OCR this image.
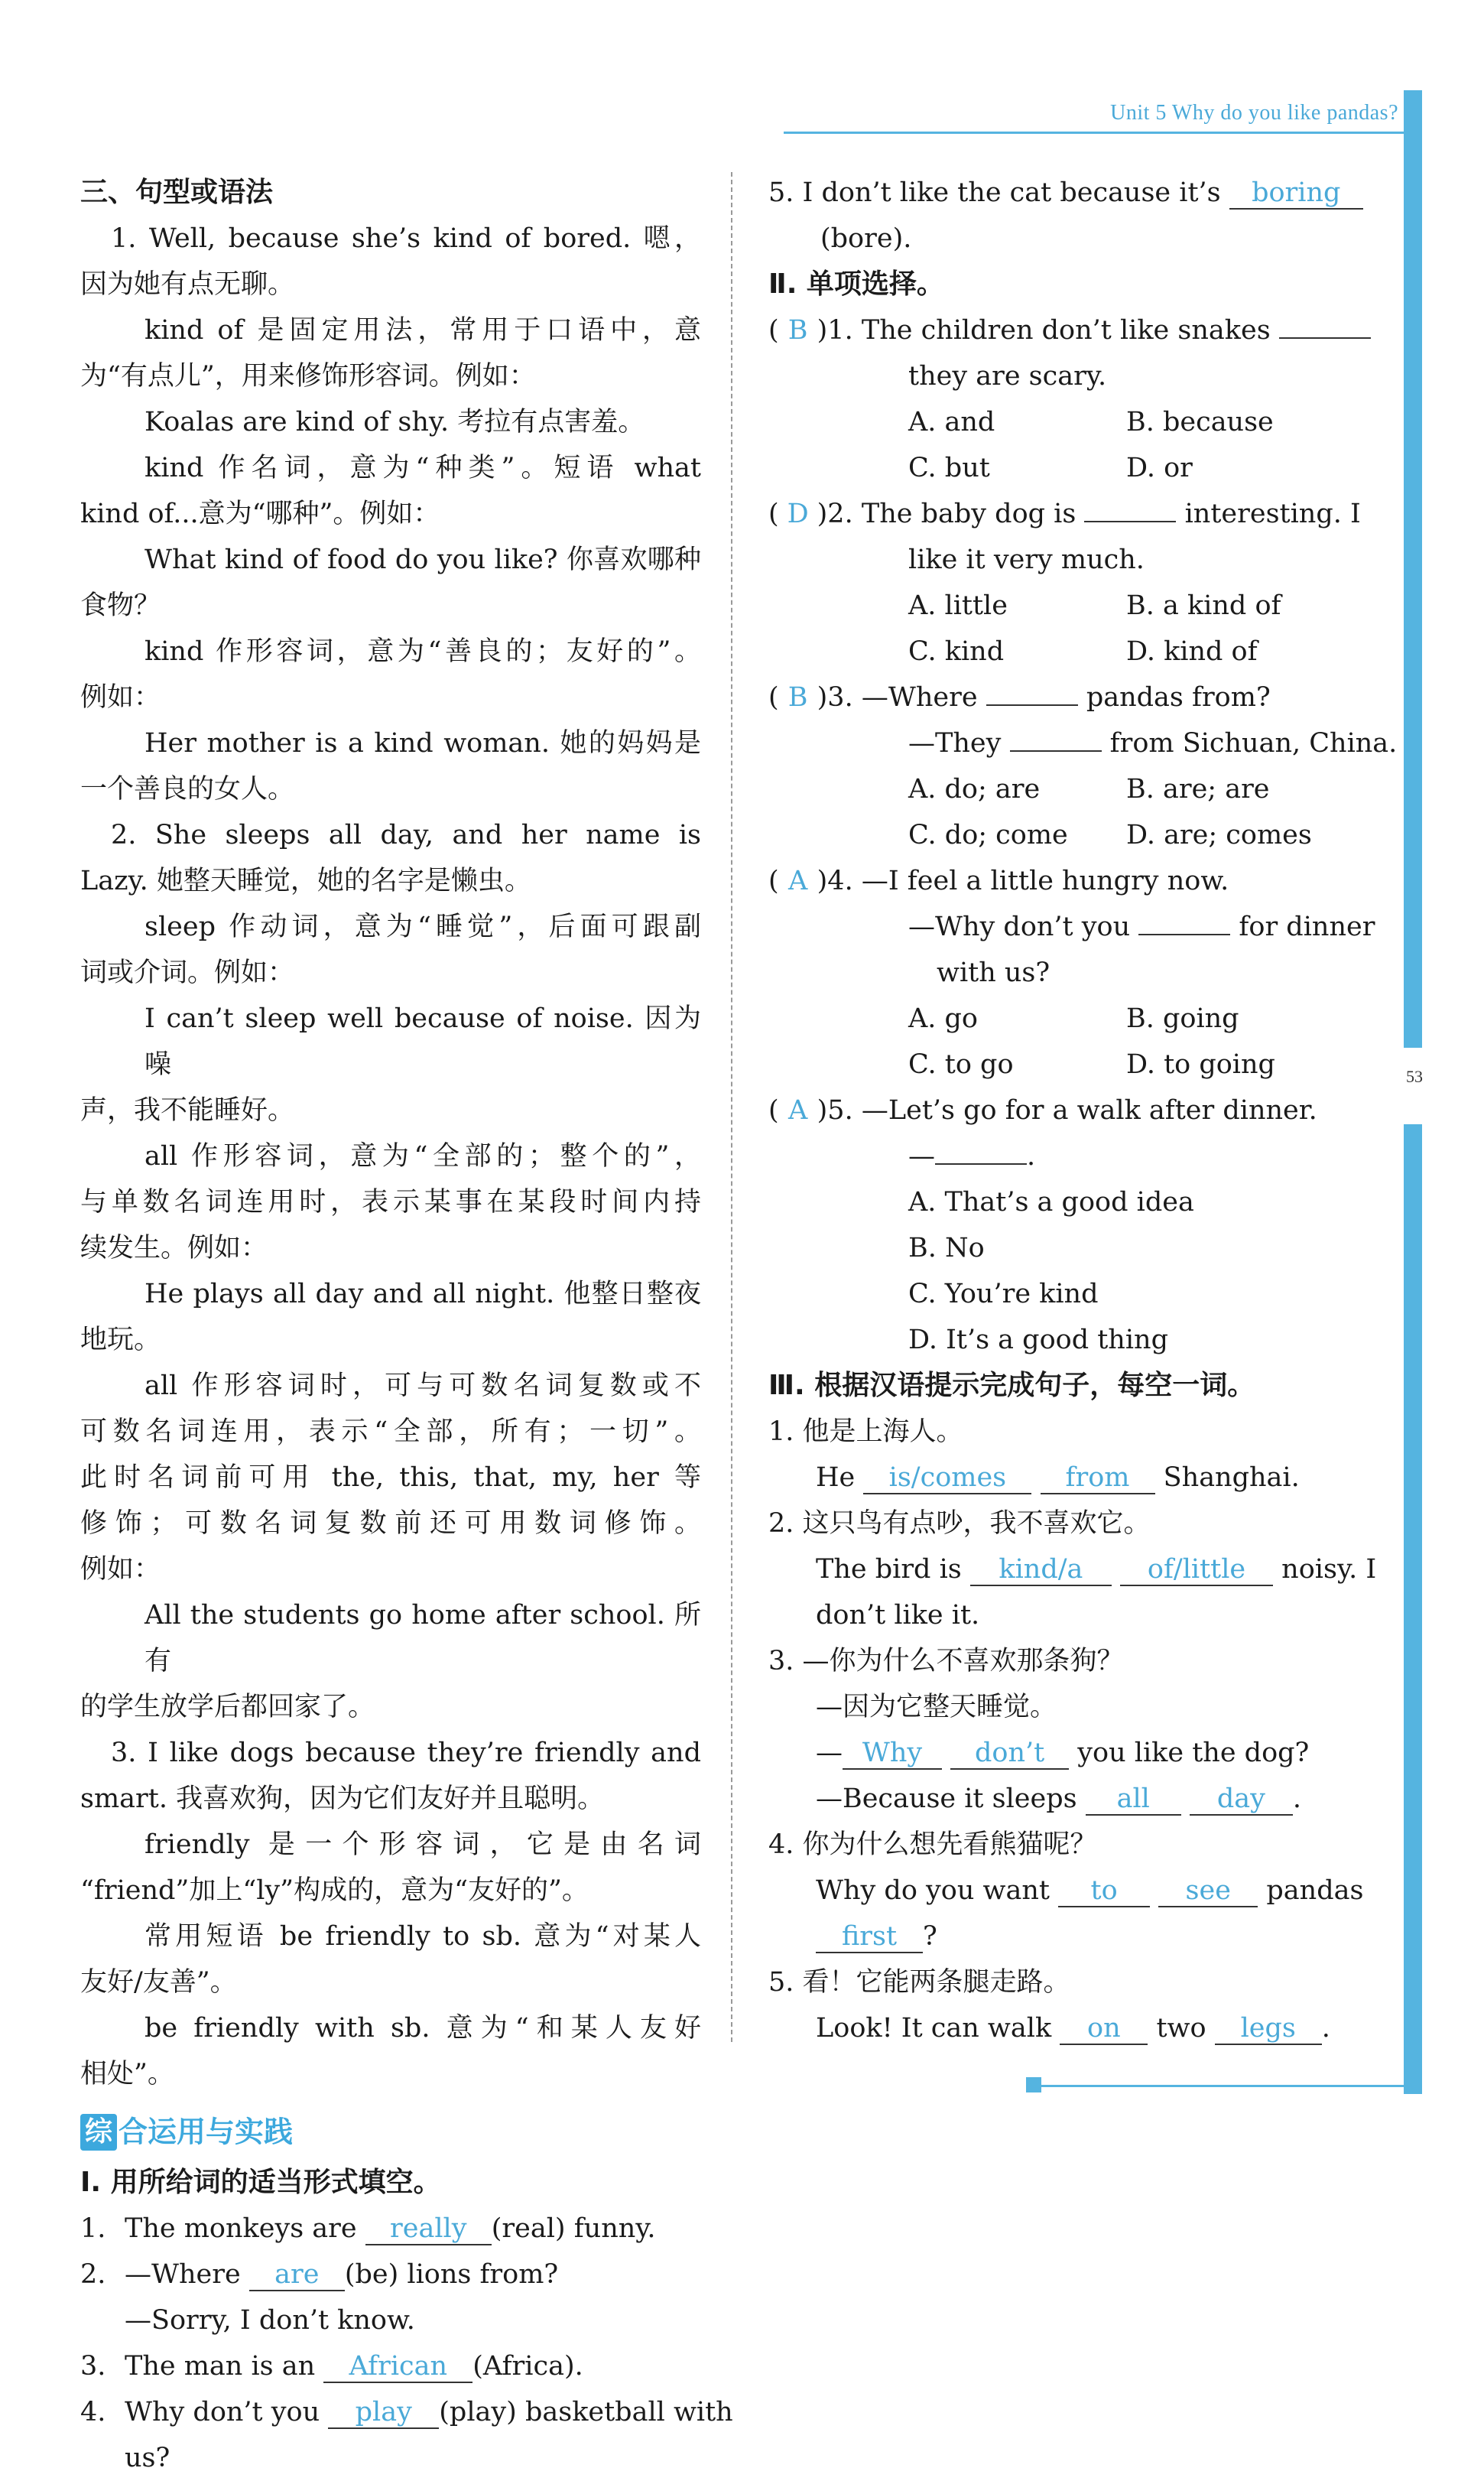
Unit 5 Why do you like pandas?
53
三、句型或语法
1. Well, because she’s kind of bored. 嗯，
因为她有点无聊。
kind of 是固定用法，常用于口语中，意
为“有点儿”，用来修饰形容词。例如：
Koalas are kind of shy. 考拉有点害羞。
kind 作名词，意为“种类”。短语 what
kind of...意为“哪种”。例如：
What kind of food do you like? 你喜欢哪种
食物？
kind 作形容词，意为“善良的；友好的”。
例如：
Her mother is a kind woman. 她的妈妈是
一个善良的女人。
2. She sleeps all day, and her name is
Lazy. 她整天睡觉，她的名字是懒虫。
sleep 作动词，意为“睡觉”，后面可跟副
词或介词。例如：
I can’t sleep well because of noise. 因为噪
声，我不能睡好。
all 作形容词，意为“全部的；整个的”，
与单数名词连用时，表示某事在某段时间内持
续发生。例如：
He plays all day and all night. 他整日整夜
地玩。
all 作形容词时，可与可数名词复数或不
可数名词连用，表示“全部，所有；一切”。
此时名词前可用 the, this, that, my, her 等
修饰；可数名词复数前还可用数词修饰。
例如：
All the students go home after school. 所有
的学生放学后都回家了。
3. I like dogs because they’re friendly and
smart. 我喜欢狗，因为它们友好并且聪明。
friendly 是一个形容词，它是由名词
“friend”加上“ly”构成的，意为“友好的”。
常用短语 be friendly to sb. 意为“对某人
友好/友善”。
be friendly with sb. 意为“和某人友好
相处”。
综 合运用与实践
Ⅰ. 用所给词的适当形式填空。
1. The monkeys are really (real) funny.
2. —Where are (be) lions from?
—Sorry, I don’t know.
3. The man is an African (Africa).
4. Why don’t you play (play) basketball with
us?
5. I don’t like the cat because it’s boring
(bore).
Ⅱ. 单项选择。
( B )1. The children don’t like snakes
they are scary.
A. and	B. because
C. but	D. or
( D )2. The baby dog is	interesting. I
like it very much.
A. little	B. a kind of
C. kind	D. kind of
( B )3. —Where	pandas from?
—They	from Sichuan, China.
A. do; are	B. are; are
C. do; come D. are; comes
( A )4. —I feel a little hungry now.
—Why don’t you	for dinner
with us?
A. go	B. going
C. to go	D. to going
( A )5. —Let’s go for a walk after dinner.
—	.
A. That’s a good idea
B. No
C. You’re kind
D. It’s a good thing
Ⅲ. 根据汉语提示完成句子，每空一词。
1. 他是上海人。
He is/comes from Shanghai.
2. 这只鸟有点吵，我不喜欢它。
The bird is kind/a of/little noisy. I
don’t like it.
3. —你为什么不喜欢那条狗？
—因为它整天睡觉。
— Why don’t you like the dog?
—Because it sleeps all	day .
4. 你为什么想先看熊猫呢？
Why do you want to	see pandas
first ?
5. 看！它能两条腿走路。
Look! It can walk on two legs .
